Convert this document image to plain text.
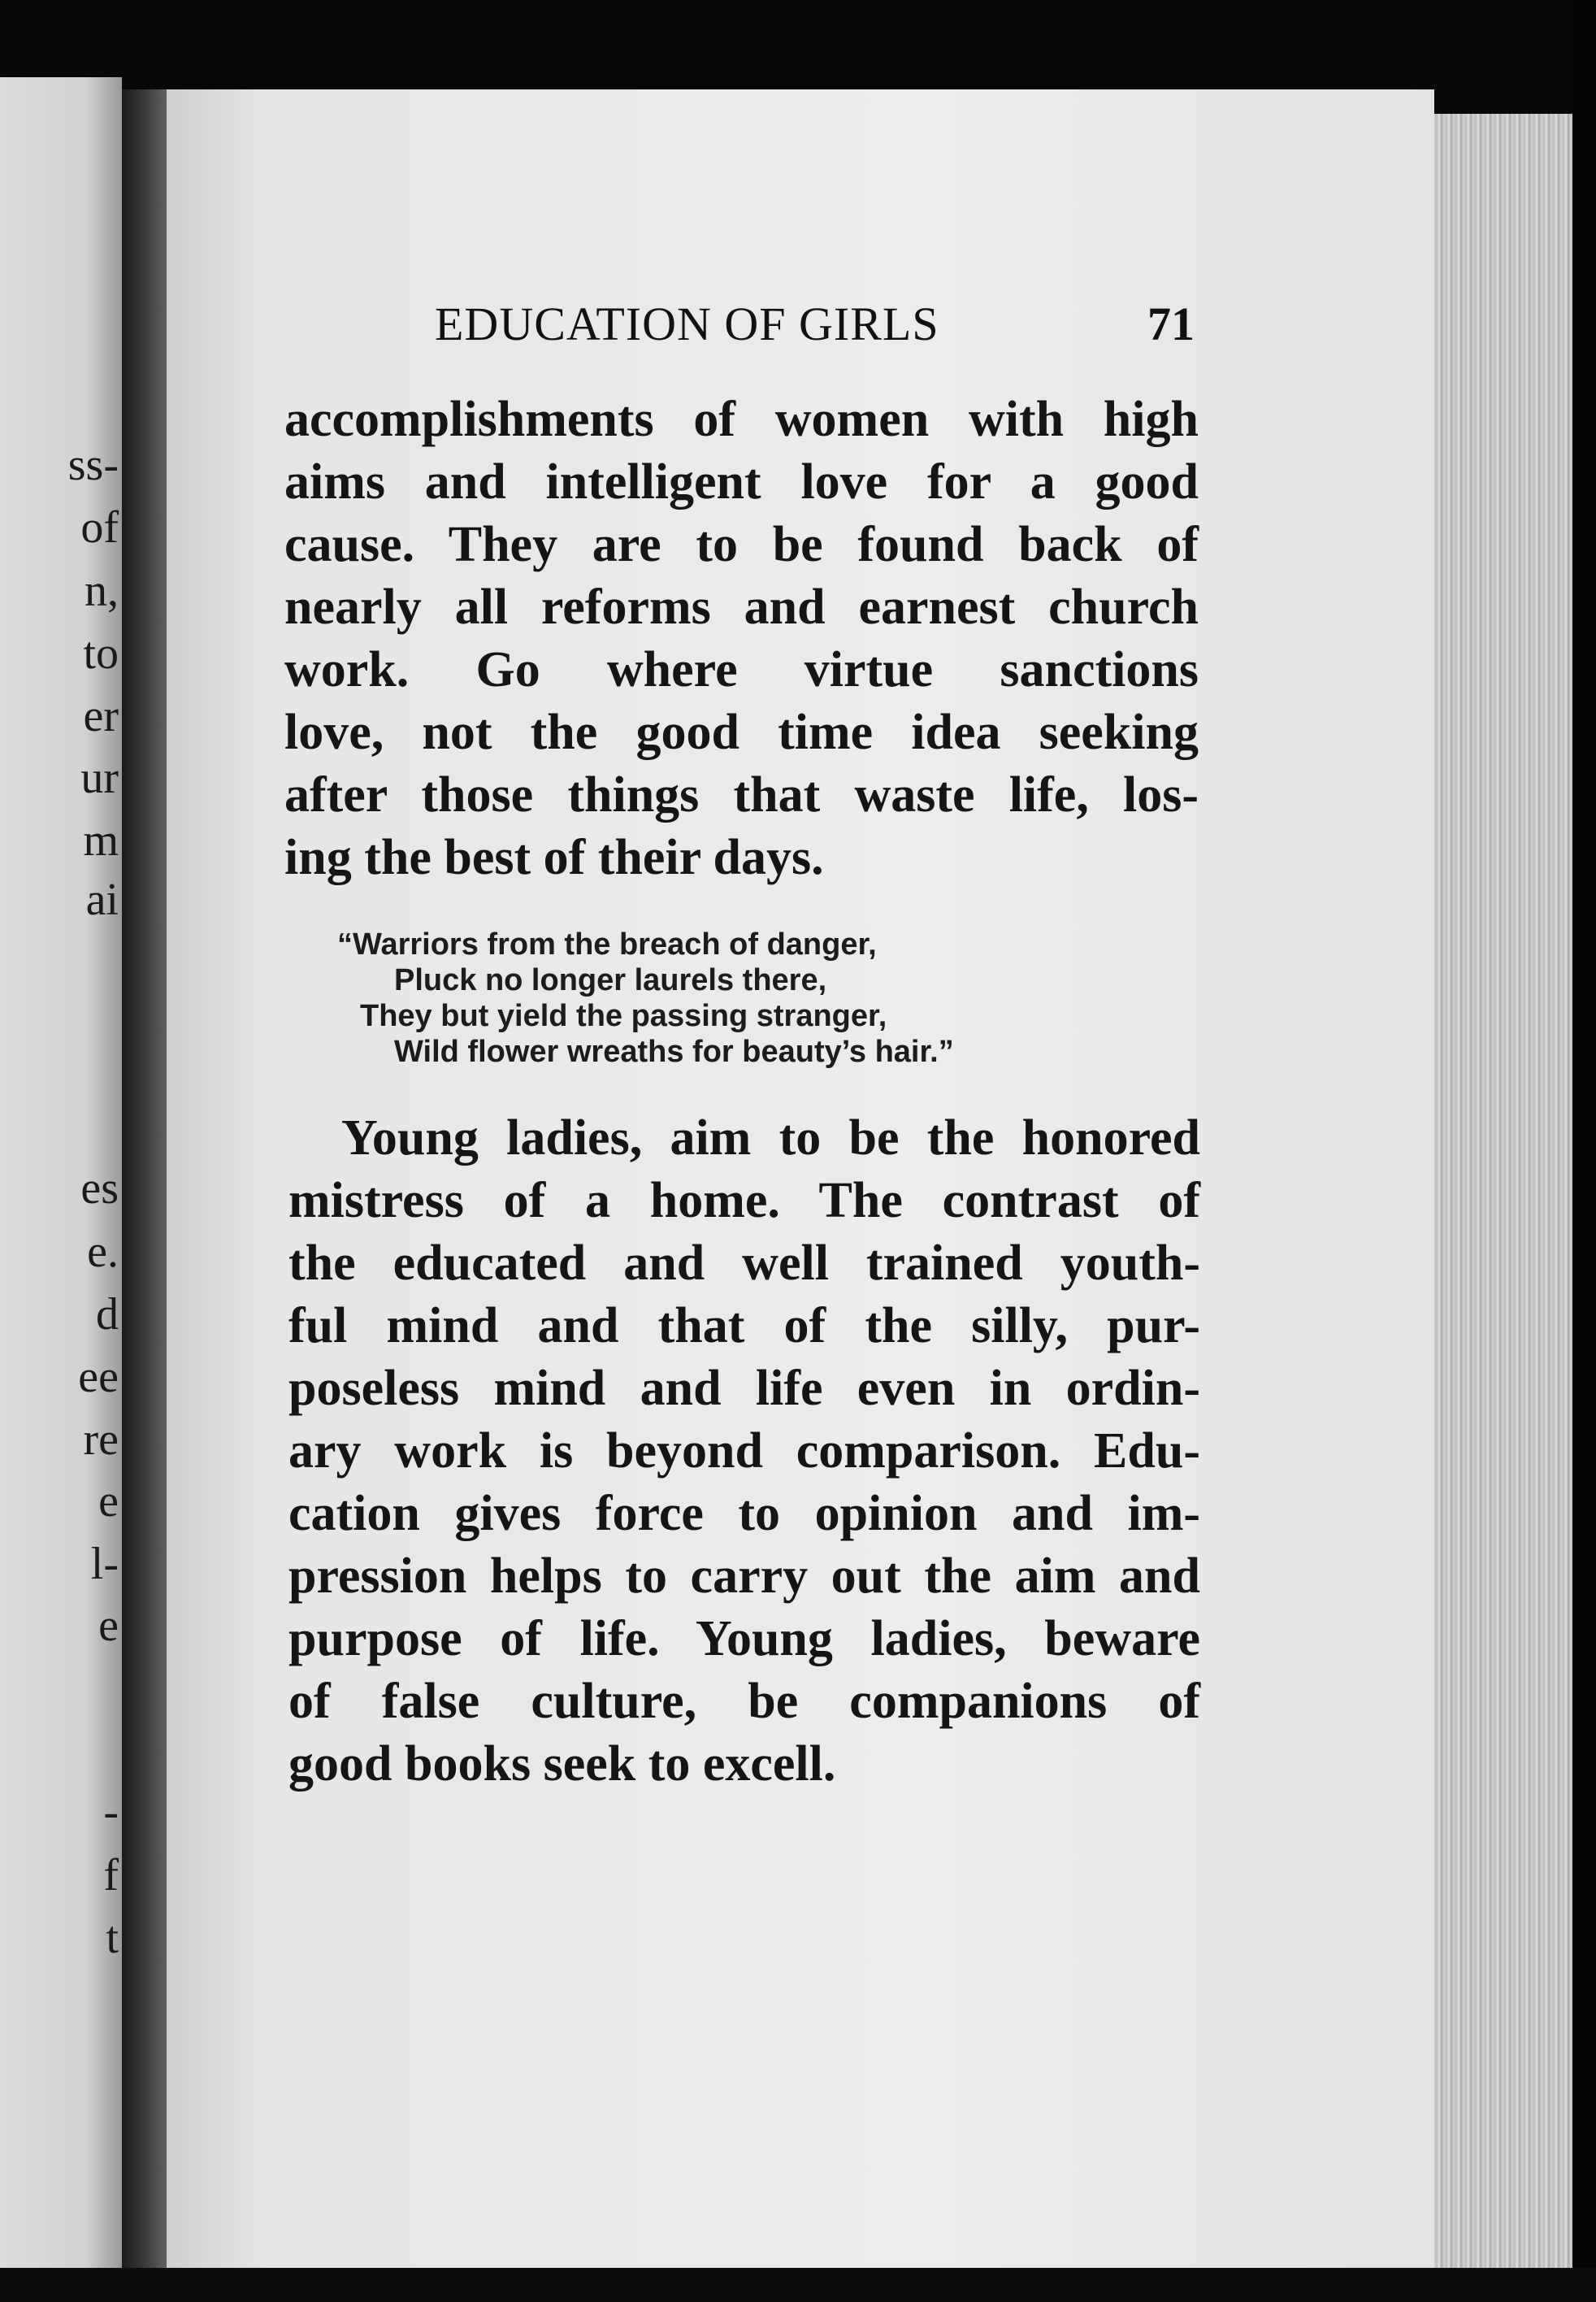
ss-
of
n,
to
er
ur
m
ai
es
e.
d
ee
re
e
l-
e
-
f
t
EDUCATION OF GIRLS	71
accomplishments of women with high
aims and intelligent love for a good
cause. They are to be found back of
nearly all reforms and earnest church
work. Go where virtue sanctions
love, not the good time idea seeking
after those things that waste life, los-
ing the best of their days.
“Warriors from the breach of danger,
Pluck no longer laurels there,
They but yield the passing stranger,
Wild flower wreaths for beauty’s hair.”
Young ladies, aim to be the honored
mistress of a home. The contrast of
the educated and well trained youth-
ful mind and that of the silly, pur-
poseless mind and life even in ordin-
ary work is beyond comparison. Edu-
cation gives force to opinion and im-
pression helps to carry out the aim and
purpose of life. Young ladies, beware
of false culture, be companions of
good books seek to excell.
